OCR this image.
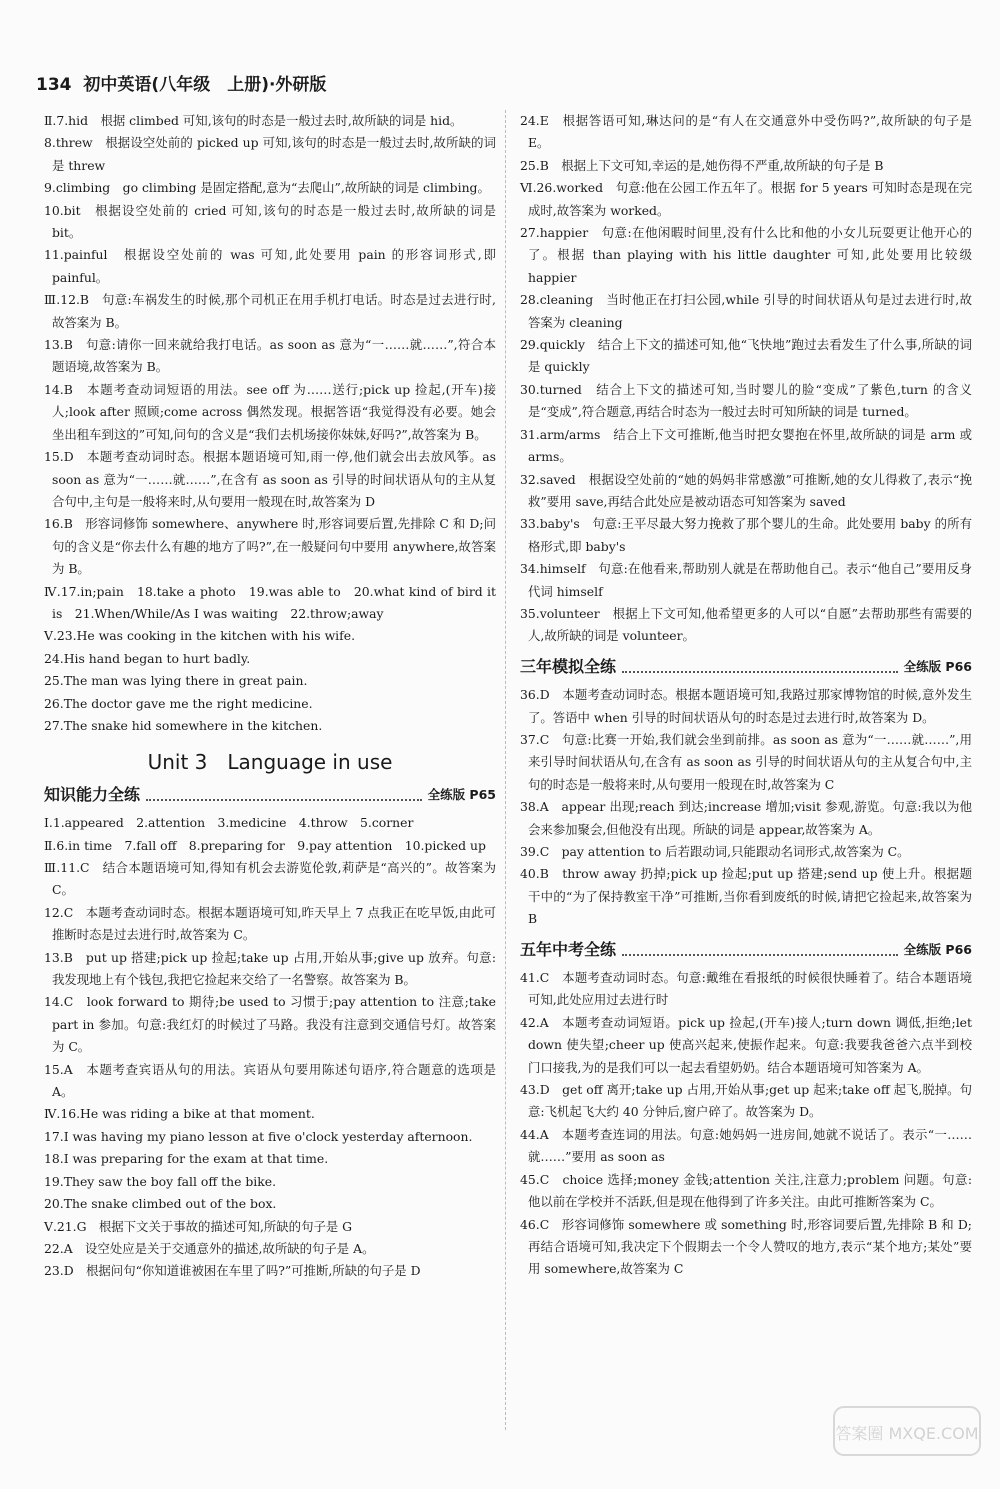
134 初中英语(八年级　上册)·外研版

Ⅱ.7.hid　根据 climbed 可知,该句的时态是一般过去时,故所缺的词是 hid。

8.threw　根据设空处前的 picked up 可知,该句的时态是一般过去时,故所缺的词是 threw

9.climbing　go climbing 是固定搭配,意为“去爬山”,故所缺的词是 climbing。

10.bit　根据设空处前的 cried 可知,该句的时态是一般过去时,故所缺的词是 bit。

11.painful　根据设空处前的 was 可知,此处要用 pain 的形容词形式,即 painful。

Ⅲ.12.B　句意:车祸发生的时候,那个司机正在用手机打电话。时态是过去进行时,故答案为 B。

13.B　句意:请你一回来就给我打电话。as soon as 意为“一……就……”,符合本题语境,故答案为 B。

14.B　本题考查动词短语的用法。see off 为……送行;pick up 捡起,(开车)接人;look after 照顾;come across 偶然发现。根据答语“我觉得没有必要。她会坐出租车到这的”可知,问句的含义是“我们去机场接你妹妹,好吗?”,故答案为 B。

15.D　本题考查动词时态。根据本题语境可知,雨一停,他们就会出去放风筝。as soon as 意为“一……就……”,在含有 as soon as 引导的时间状语从句的主从复合句中,主句是一般将来时,从句要用一般现在时,故答案为 D

16.B　形容词修饰 somewhere、anywhere 时,形容词要后置,先排除 C 和 D;问句的含义是“你去什么有趣的地方了吗?”,在一般疑问句中要用 anywhere,故答案为 B。

Ⅳ.17.in;pain　18.take a photo　19.was able to　20.what kind of bird it is　21.When/While/As I was waiting　22.throw;away

Ⅴ.23.He was cooking in the kitchen with his wife.

24.His hand began to hurt badly.

25.The man was lying there in great pain.

26.The doctor gave me the right medicine.

27.The snake hid somewhere in the kitchen.

Unit 3　Language in use
知识能力全练	全练版 P65

Ⅰ.1.appeared　2.attention　3.medicine　4.throw　5.corner

Ⅱ.6.in time　7.fall off　8.preparing for　9.pay attention　10.picked up

Ⅲ.11.C　结合本题语境可知,得知有机会去游览伦敦,莉萨是“高兴的”。故答案为 C。

12.C　本题考查动词时态。根据本题语境可知,昨天早上 7 点我正在吃早饭,由此可推断时态是过去进行时,故答案为 C。

13.B　put up 搭建;pick up 捡起;take up 占用,开始从事;give up 放弃。句意:我发现地上有个钱包,我把它捡起来交给了一名警察。故答案为 B。

14.C　look forward to 期待;be used to 习惯于;pay attention to 注意;take part in 参加。句意:我红灯的时候过了马路。我没有注意到交通信号灯。故答案为 C。

15.A　本题考查宾语从句的用法。宾语从句要用陈述句语序,符合题意的选项是 A。

Ⅳ.16.He was riding a bike at that moment.

17.I was having my piano lesson at five o'clock yesterday afternoon.

18.I was preparing for the exam at that time.

19.They saw the boy fall off the bike.

20.The snake climbed out of the box.

Ⅴ.21.G　根据下文关于事故的描述可知,所缺的句子是 G

22.A　设空处应是关于交通意外的描述,故所缺的句子是 A。

23.D　根据问句“你知道谁被困在车里了吗?”可推断,所缺的句子是 D

24.E　根据答语可知,琳达问的是“有人在交通意外中受伤吗?”,故所缺的句子是 E。

25.B　根据上下文可知,幸运的是,她伤得不严重,故所缺的句子是 B

Ⅵ.26.worked　句意:他在公园工作五年了。根据 for 5 years 可知时态是现在完成时,故答案为 worked。

27.happier　句意:在他闲暇时间里,没有什么比和他的小女儿玩耍更让他开心的了。根据 than playing with his little daughter 可知,此处要用比较级 happier

28.cleaning　当时他正在打扫公园,while 引导的时间状语从句是过去进行时,故答案为 cleaning

29.quickly　结合上下文的描述可知,他“飞快地”跑过去看发生了什么事,所缺的词是 quickly

30.turned　结合上下文的描述可知,当时婴儿的脸“变成”了紫色,turn 的含义是“变成”,符合题意,再结合时态为一般过去时可知所缺的词是 turned。

31.arm/arms　结合上下文可推断,他当时把女婴抱在怀里,故所缺的词是 arm 或 arms。

32.saved　根据设空处前的“她的妈妈非常感激”可推断,她的女儿得救了,表示“挽救”要用 save,再结合此处应是被动语态可知答案为 saved

33.baby's　句意:王平尽最大努力挽救了那个婴儿的生命。此处要用 baby 的所有格形式,即 baby's

34.himself　句意:在他看来,帮助别人就是在帮助他自己。表示“他自己”要用反身代词 himself

35.volunteer　根据上下文可知,他希望更多的人可以“自愿”去帮助那些有需要的人,故所缺的词是 volunteer。

三年模拟全练	全练版 P66

36.D　本题考查动词时态。根据本题语境可知,我路过那家博物馆的时候,意外发生了。答语中 when 引导的时间状语从句的时态是过去进行时,故答案为 D。

37.C　句意:比赛一开始,我们就会坐到前排。as soon as 意为“一……就……”,用来引导时间状语从句,在含有 as soon as 引导的时间状语从句的主从复合句中,主句的时态是一般将来时,从句要用一般现在时,故答案为 C

38.A　appear 出现;reach 到达;increase 增加;visit 参观,游览。句意:我以为他会来参加聚会,但他没有出现。所缺的词是 appear,故答案为 A。

39.C　pay attention to 后若跟动词,只能跟动名词形式,故答案为 C。

40.B　throw away 扔掉;pick up 捡起;put up 搭建;send up 使上升。根据题干中的“为了保持教室干净”可推断,当你看到废纸的时候,请把它捡起来,故答案为 B

五年中考全练	全练版 P66

41.C　本题考查动词时态。句意:戴维在看报纸的时候很快睡着了。结合本题语境可知,此处应用过去进行时

42.A　本题考查动词短语。pick up 捡起,(开车)接人;turn down 调低,拒绝;let down 使失望;cheer up 使高兴起来,使振作起来。句意:我要我爸爸六点半到校门口接我,为的是我们可以一起去看望奶奶。结合本题语境可知答案为 A。

43.D　get off 离开;take up 占用,开始从事;get up 起来;take off 起飞,脱掉。句意:飞机起飞大约 40 分钟后,窗户碎了。故答案为 D。

44.A　本题考查连词的用法。句意:她妈妈一进房间,她就不说话了。表示“一……就……”要用 as soon as

45.C　choice 选择;money 金钱;attention 关注,注意力;problem 问题。句意:他以前在学校并不活跃,但是现在他得到了许多关注。由此可推断答案为 C。

46.C　形容词修饰 somewhere 或 something 时,形容词要后置,先排除 B 和 D;再结合语境可知,我决定下个假期去一个令人赞叹的地方,表示“某个地方;某处”要用 somewhere,故答案为 C

答案圈 MXQE.COM
